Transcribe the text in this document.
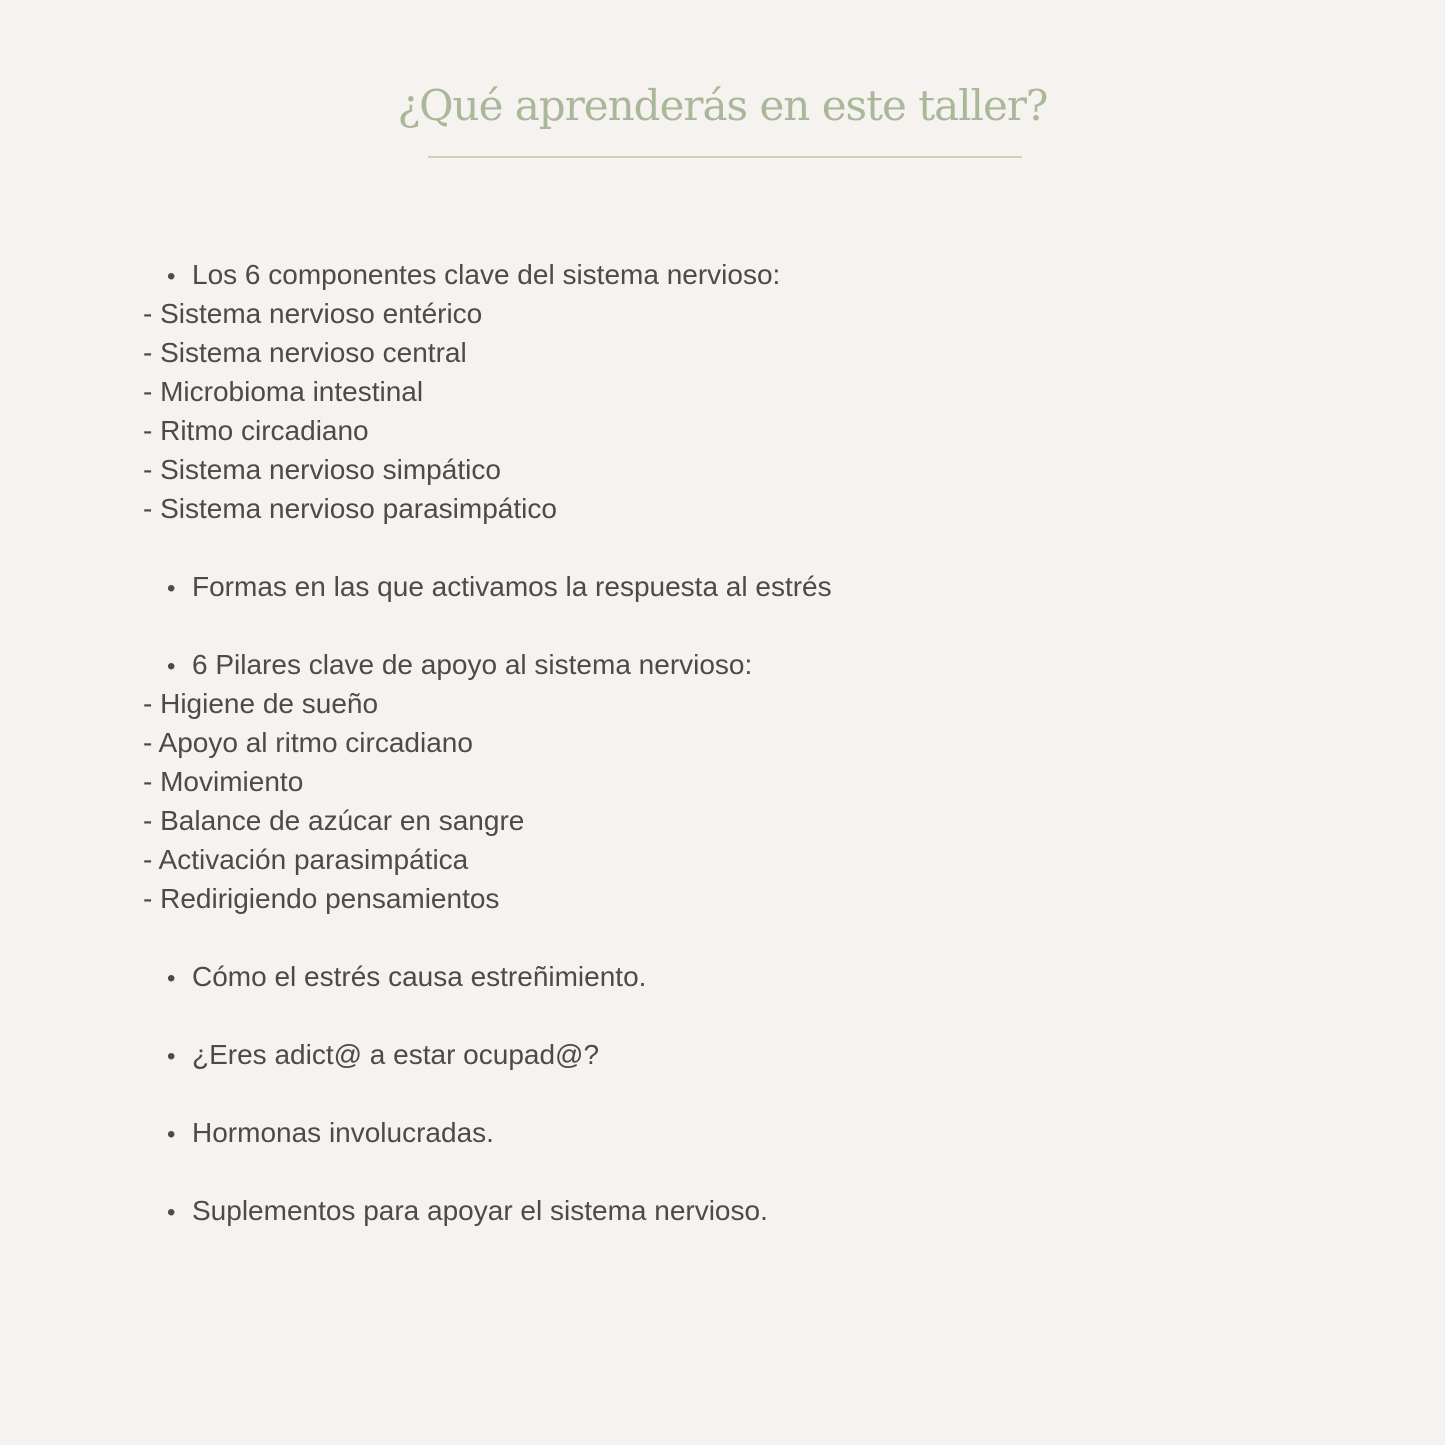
¿Qué aprenderás en este taller?
• Los 6 componentes clave del sistema nervioso:
- Sistema nervioso entérico
- Sistema nervioso central
- Microbioma intestinal
- Ritmo circadiano
- Sistema nervioso simpático
- Sistema nervioso parasimpático
• Formas en las que activamos la respuesta al estrés
• 6 Pilares clave de apoyo al sistema nervioso:
- Higiene de sueño
- Apoyo al ritmo circadiano
- Movimiento
- Balance de azúcar en sangre
- Activación parasimpática
- Redirigiendo pensamientos
• Cómo el estrés causa estreñimiento.
• ¿Eres adict@ a estar ocupad@?
• Hormonas involucradas.
• Suplementos para apoyar el sistema nervioso.
